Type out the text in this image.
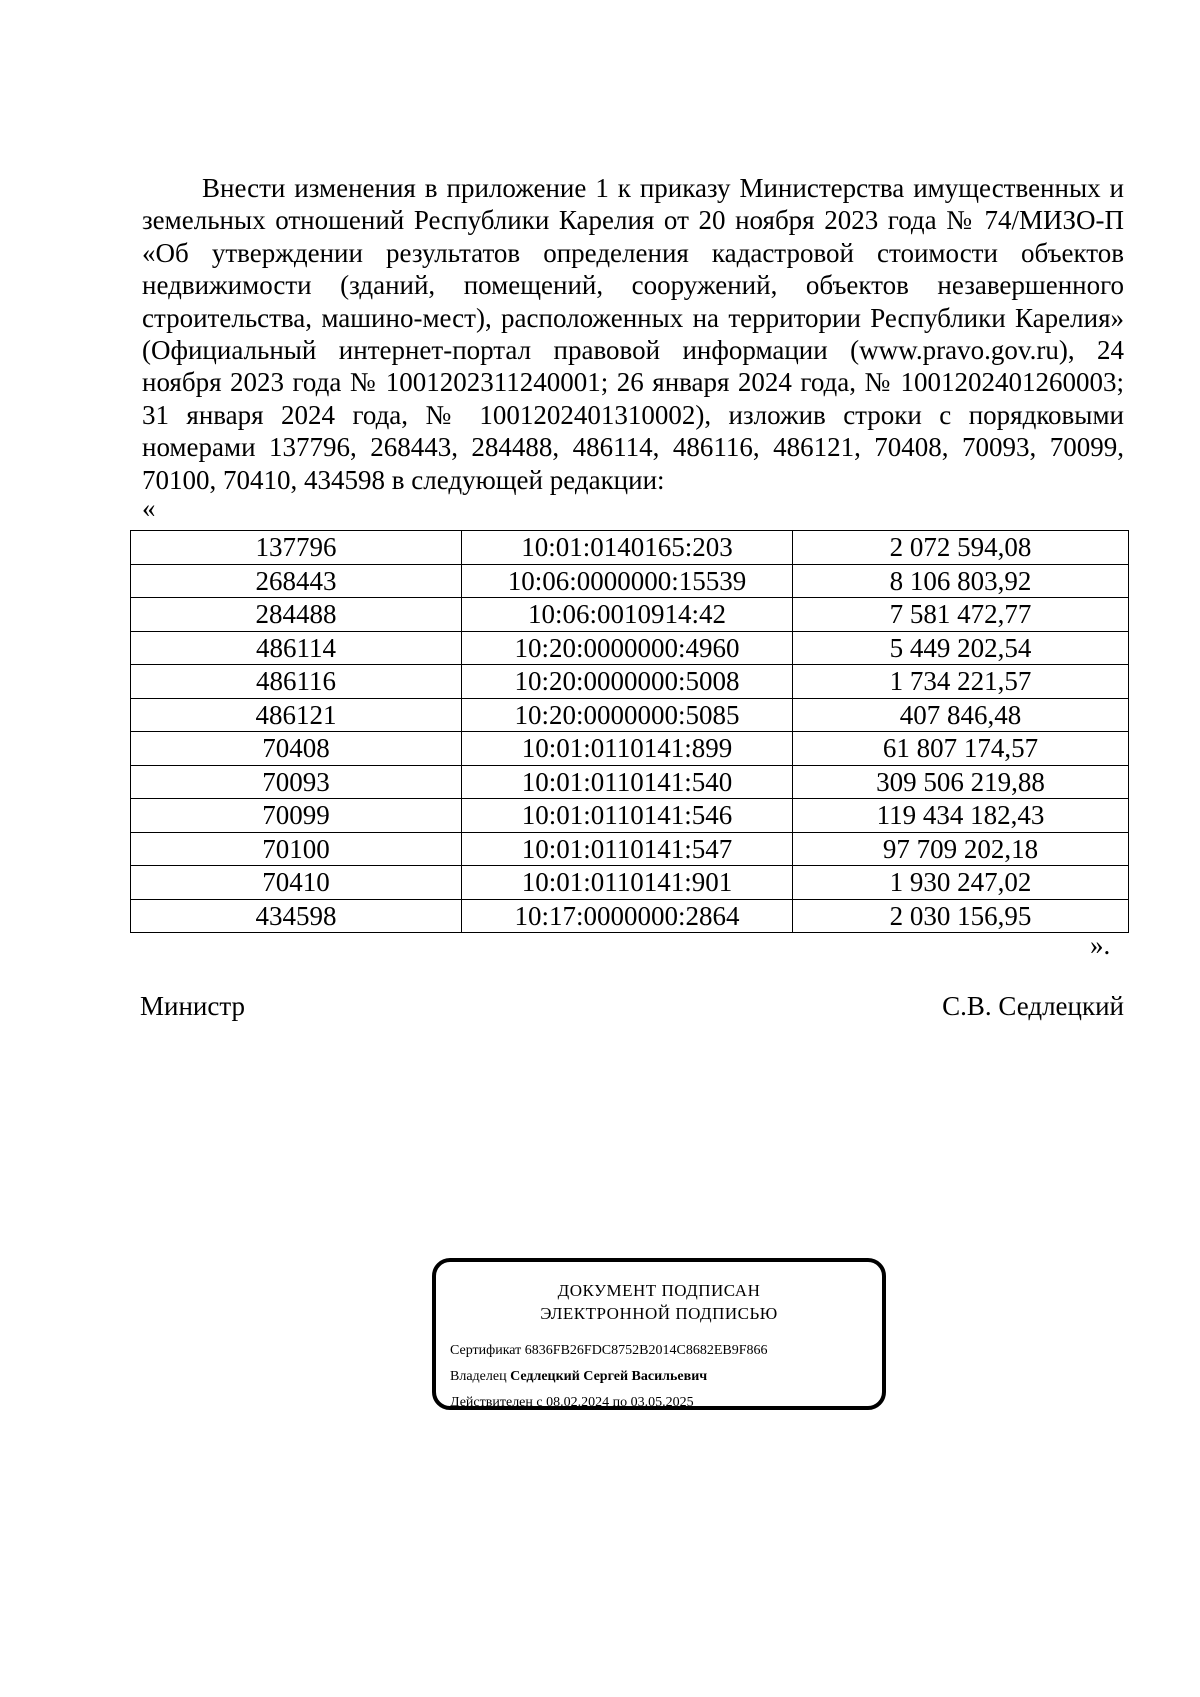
Внести изменения в приложение 1 к приказу Министерства имущественных и земельных отношений Республики Карелия от 20 ноября 2023 года № 74/МИЗО-П «Об утверждении результатов определения кадастровой стоимости объектов недвижимости (зданий, помещений, сооружений, объектов незавершенного строительства, машино-мест), расположенных на территории Республики Карелия» (Официальный интернет-портал правовой информации (www.pravo.gov.ru), 24 ноября 2023 года № 1001202311240001; 26 января 2024 года, № 1001202401260003; 31 января 2024 года, № 1001202401310002), изложив строки с порядковыми номерами 137796, 268443, 284488, 486114, 486116, 486121, 70408, 70093, 70099, 70100, 70410, 434598 в следующей редакции:

«
137796	10:01:0140165:203	2 072 594,08
268443	10:06:0000000:15539	8 106 803,92
284488	10:06:0010914:42	7 581 472,77
486114	10:20:0000000:4960	5 449 202,54
486116	10:20:0000000:5008	1 734 221,57
486121	10:20:0000000:5085	407 846,48
70408	10:01:0110141:899	61 807 174,57
70093	10:01:0110141:540	309 506 219,88
70099	10:01:0110141:546	119 434 182,43
70100	10:01:0110141:547	97 709 202,18
70410	10:01:0110141:901	1 930 247,02
434598	10:17:0000000:2864	2 030 156,95
».
Министр	С.В. Седлецкий
ДОКУМЕНТ ПОДПИСАН
ЭЛЕКТРОННОЙ ПОДПИСЬЮ
Сертификат 6836FB26FDC8752B2014C8682EB9F866
Владелец Седлецкий Сергей Васильевич
Действителен с 08.02.2024 по 03.05.2025
